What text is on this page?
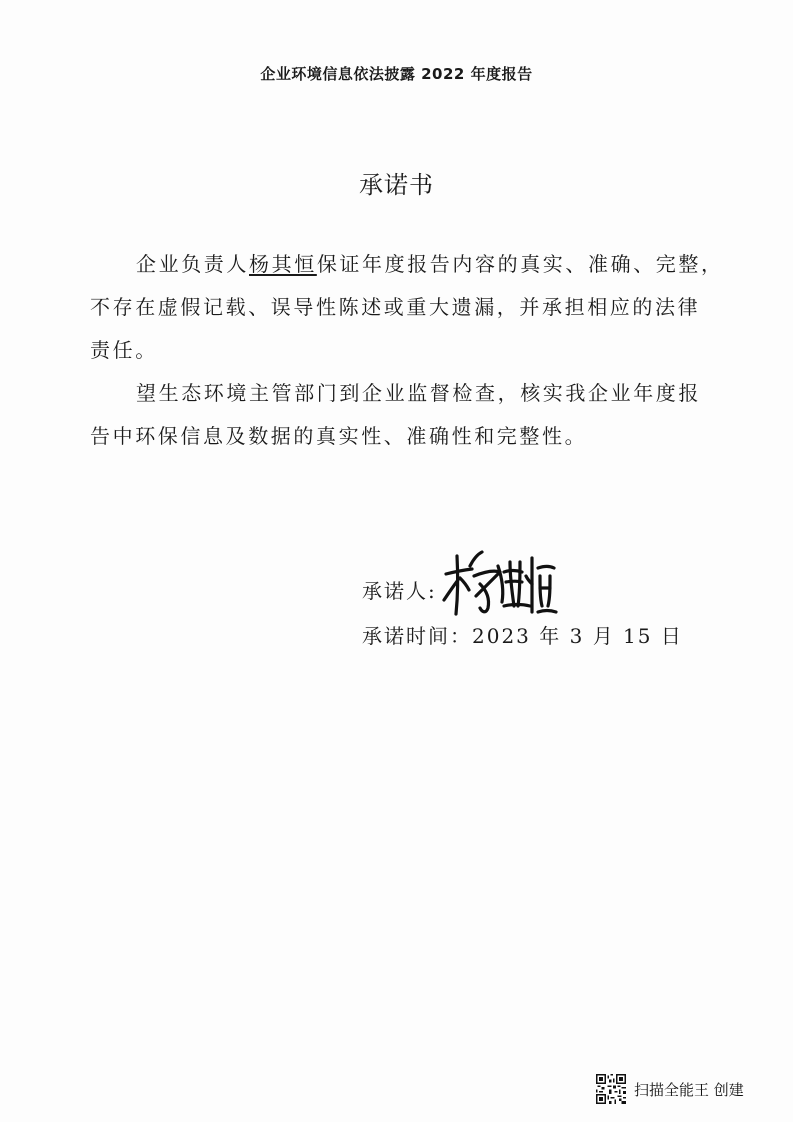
企业环境信息依法披露 2022 年度报告
承诺书

企业负责人杨其恒保证年度报告内容的真实、准确、完整，
不存在虚假记载、误导性陈述或重大遗漏，并承担相应的法律
责任。

望生态环境主管部门到企业监督检查，核实我企业年度报
告中环保信息及数据的真实性、准确性和完整性。

承诺人:
承诺时间：2023 年 3 月 15 日
扫描全能王 创建
